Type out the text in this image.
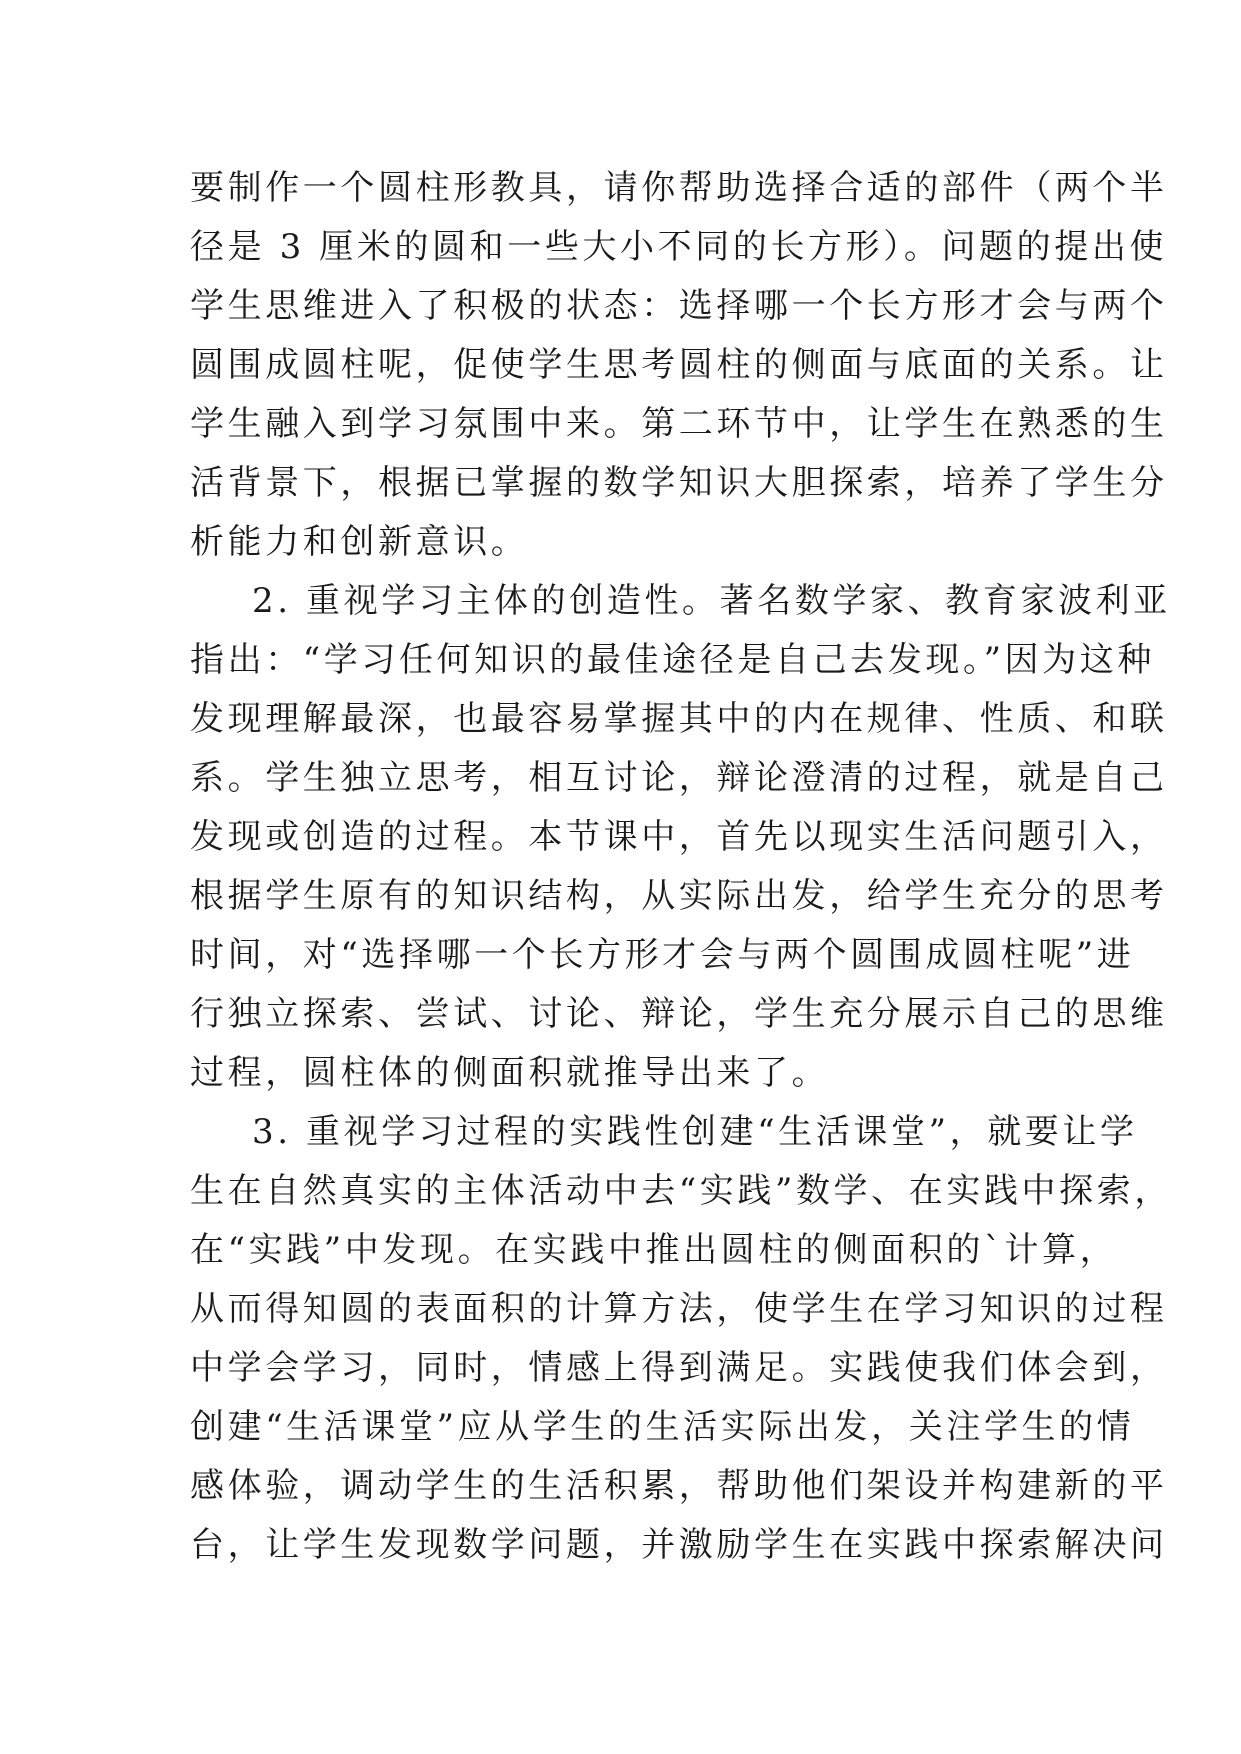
要制作一个圆柱形教具，请你帮助选择合适的部件（两个半
径是 3 厘米的圆和一些大小不同的长方形）。问题的提出使
学生思维进入了积极的状态：选择哪一个长方形才会与两个
圆围成圆柱呢，促使学生思考圆柱的侧面与底面的关系。让
学生融入到学习氛围中来。第二环节中，让学生在熟悉的生
活背景下，根据已掌握的数学知识大胆探索，培养了学生分
析能力和创新意识。
2. 重视学习主体的创造性。著名数学家、教育家波利亚
指出：“学习任何知识的最佳途径是自己去发现。”因为这种
发现理解最深，也最容易掌握其中的内在规律、性质、和联
系。学生独立思考，相互讨论，辩论澄清的过程，就是自己
发现或创造的过程。本节课中，首先以现实生活问题引入，
根据学生原有的知识结构，从实际出发，给学生充分的思考
时间，对“选择哪一个长方形才会与两个圆围成圆柱呢”进
行独立探索、尝试、讨论、辩论，学生充分展示自己的思维
过程，圆柱体的侧面积就推导出来了。
3. 重视学习过程的实践性创建“生活课堂”，就要让学
生在自然真实的主体活动中去“实践”数学、在实践中探索，
在“实践”中发现。在实践中推出圆柱的侧面积的`计算，
从而得知圆的表面积的计算方法，使学生在学习知识的过程
中学会学习，同时，情感上得到满足。实践使我们体会到，
创建“生活课堂”应从学生的生活实际出发，关注学生的情
感体验，调动学生的生活积累，帮助他们架设并构建新的平
台，让学生发现数学问题，并激励学生在实践中探索解决问
